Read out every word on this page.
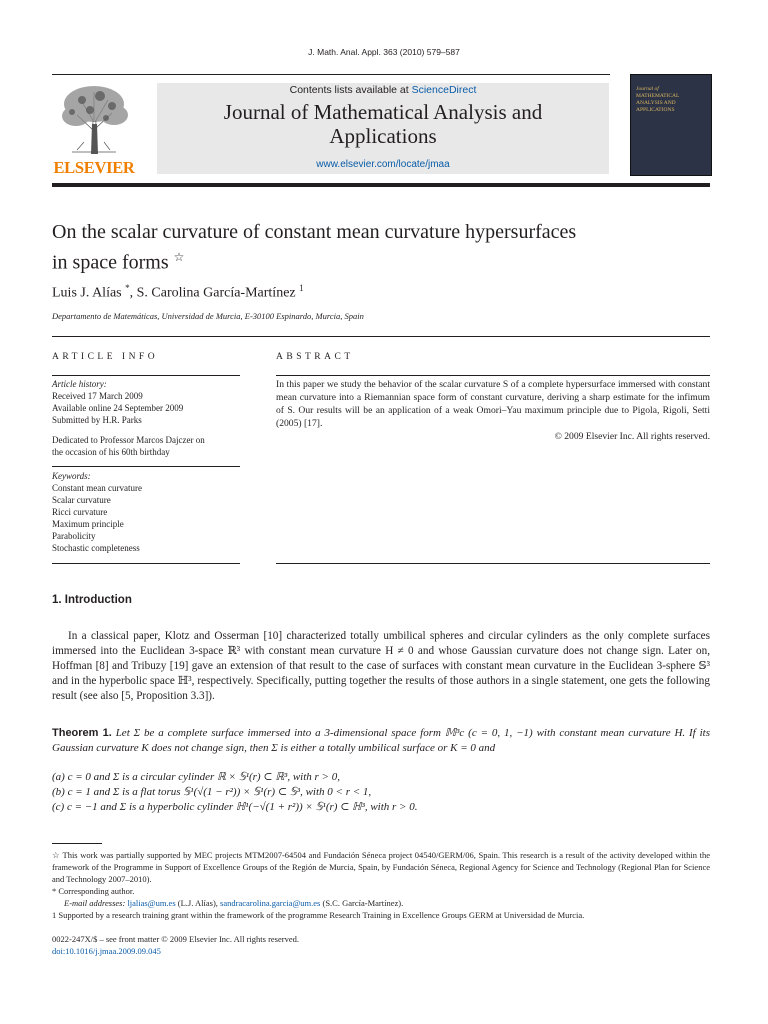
J. Math. Anal. Appl. 363 (2010) 579–587
ELSEVIER
Contents lists available at ScienceDirect
Journal of Mathematical Analysis and
Applications
www.elsevier.com/locate/jmaa
Journal of
MATHEMATICAL
ANALYSIS AND
APPLICATIONS
On the scalar curvature of constant mean curvature hypersurfaces
in space forms ☆
Luis J. Alías *, S. Carolina García-Martínez $^1$
Departamento de Matemáticas, Universidad de Murcia, E-30100 Espinardo, Murcia, Spain
ARTICLE INFO
Article history:
Received 17 March 2009
Available online 24 September 2009
Submitted by H.R. Parks
Dedicated to Professor Marcos Dajczer on
the occasion of his 60th birthday
Keywords:
Constant mean curvature
Scalar curvature
Ricci curvature
Maximum principle
Parabolicity
Stochastic completeness
ABSTRACT
In this paper we study the behavior of the scalar curvature S of a complete hypersurface immersed with constant mean curvature into a Riemannian space form of constant curvature, deriving a sharp estimate for the infimum of S. Our results will be an application of a weak Omori–Yau maximum principle due to Pigola, Rigoli, Setti (2005) [17].
© 2009 Elsevier Inc. All rights reserved.
1. Introduction

In a classical paper, Klotz and Osserman [10] characterized totally umbilical spheres and circular cylinders as the only complete surfaces immersed into the Euclidean 3-space ℝ³ with constant mean curvature H ≠ 0 and whose Gaussian curvature does not change sign. Later on, Hoffman [8] and Tribuzy [19] gave an extension of that result to the case of surfaces with constant mean curvature in the Euclidean 3-sphere 𝕊³ and in the hyperbolic space ℍ³, respectively. Specifically, putting together the results of those authors in a single statement, one gets the following result (see also [5, Proposition 3.3]).

Theorem 1. Let Σ be a complete surface immersed into a 3-dimensional space form 𝕄³c (c = 0, 1, −1) with constant mean curvature H. If its Gaussian curvature K does not change sign, then Σ is either a totally umbilical surface or K = 0 and
(a) c = 0 and Σ is a circular cylinder ℝ × 𝕊¹(r) ⊂ ℝ³, with r > 0,
(b) c = 1 and Σ is a flat torus 𝕊¹(√(1 − r²)) × 𝕊¹(r) ⊂ 𝕊³, with 0 < r < 1,
(c) c = −1 and Σ is a hyperbolic cylinder ℍ¹(−√(1 + r²)) × 𝕊¹(r) ⊂ ℍ³, with r > 0.

☆ This work was partially supported by MEC projects MTM2007-64504 and Fundación Séneca project 04540/GERM/06, Spain. This research is a result of the activity developed within the framework of the Programme in Support of Excellence Groups of the Región de Murcia, Spain, by Fundación Séneca, Regional Agency for Science and Technology (Regional Plan for Science and Technology 2007–2010).

* Corresponding author.

E-mail addresses: ljalias@um.es (L.J. Alías), sandracarolina.garcia@um.es (S.C. García-Martínez).

1 Supported by a research training grant within the framework of the programme Research Training in Excellence Groups GERM at Universidad de Murcia.

0022-247X/$ – see front matter © 2009 Elsevier Inc. All rights reserved.
doi:10.1016/j.jmaa.2009.09.045
